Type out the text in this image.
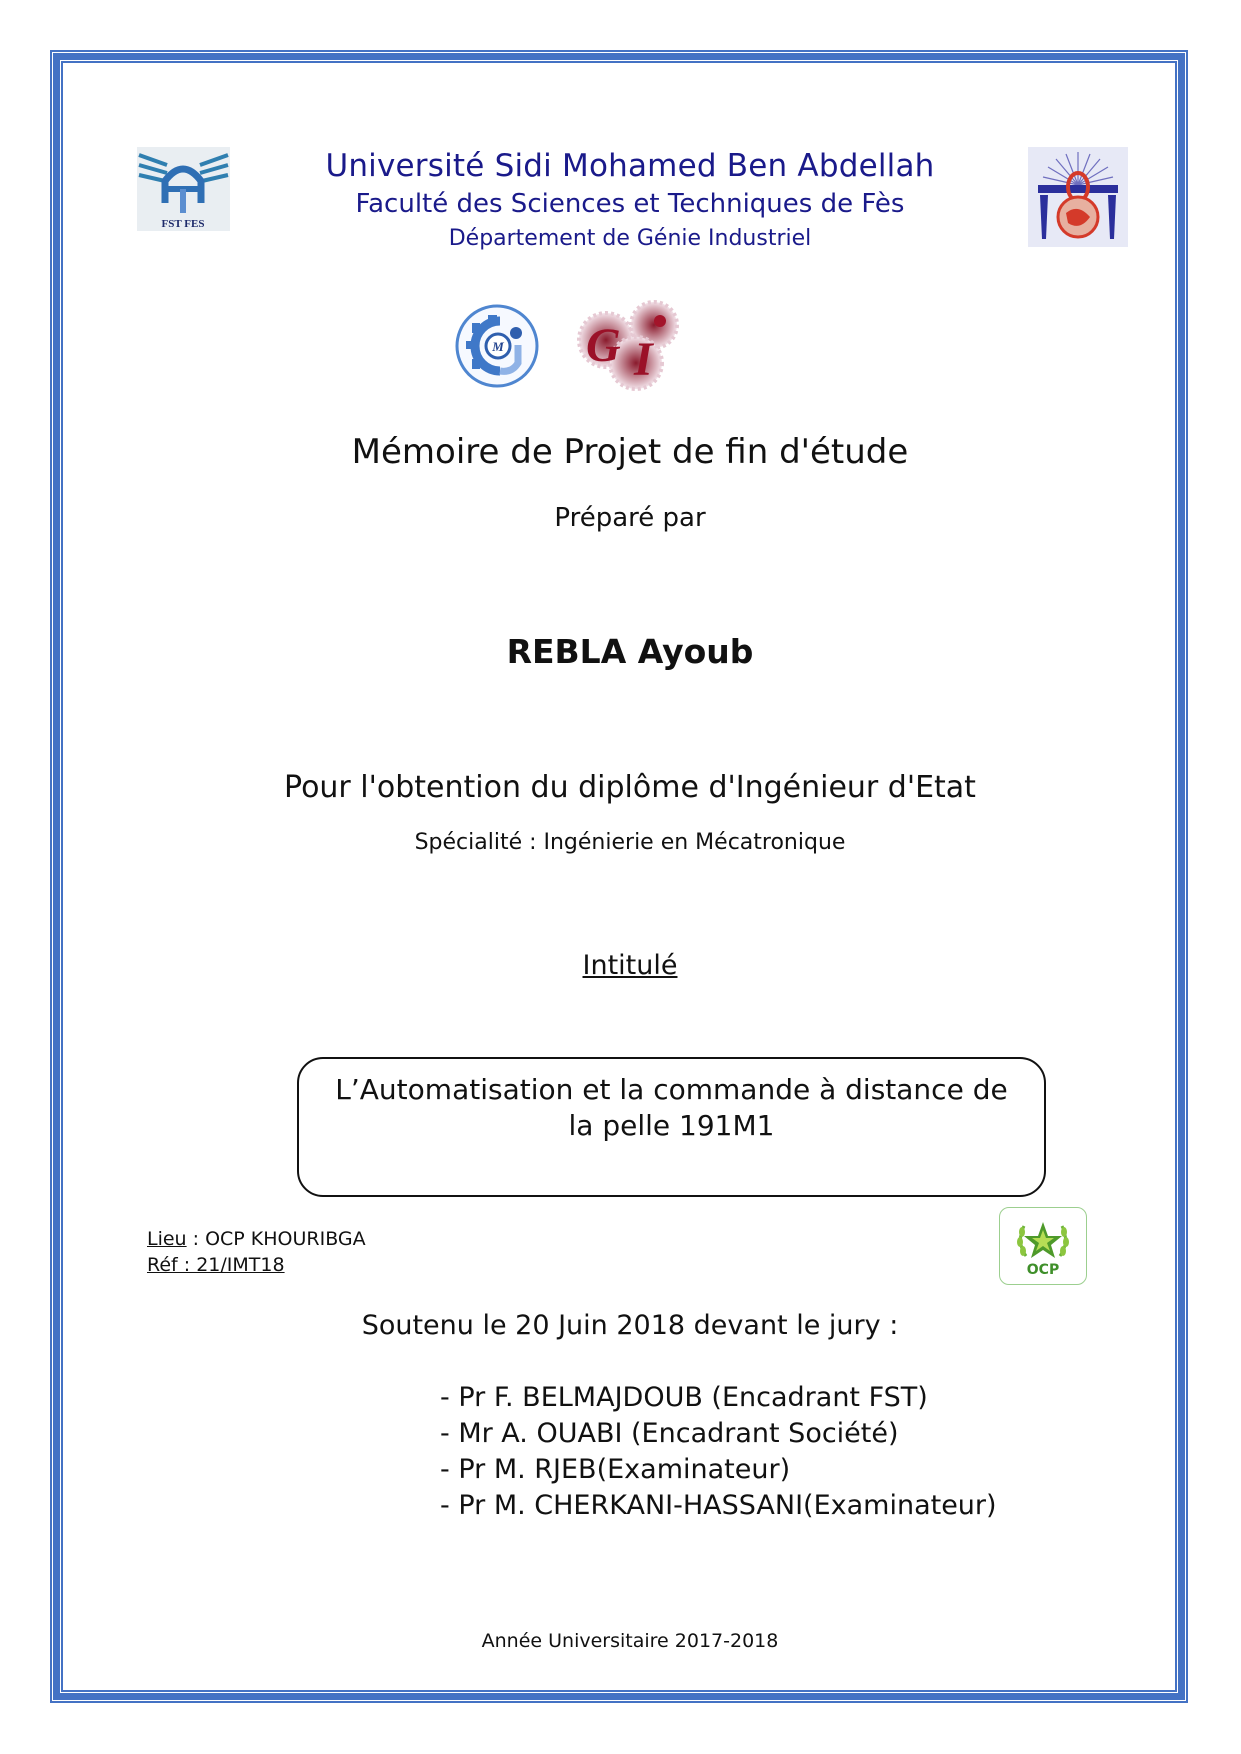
FST FES
Université Sidi Mohamed Ben Abdellah
Faculté des Sciences et Techniques de Fès
Département de Génie Industriel
M G I
Mémoire de Projet de fin d'étude
Préparé par
REBLA Ayoub
Pour l'obtention du diplôme d'Ingénieur d'Etat
Spécialité : Ingénierie en Mécatronique
Intitulé
L’Automatisation et la commande à distance de
la pelle 191M1
Lieu : OCP KHOURIBGA
Réf : 21/IMT18	OCP
Soutenu le 20 Juin 2018 devant le jury :
- Pr F. BELMAJDOUB (Encadrant FST)
- Mr A. OUABI (Encadrant Société)
- Pr M. RJEB(Examinateur)
- Pr M. CHERKANI-HASSANI(Examinateur)
Année Universitaire 2017-2018
